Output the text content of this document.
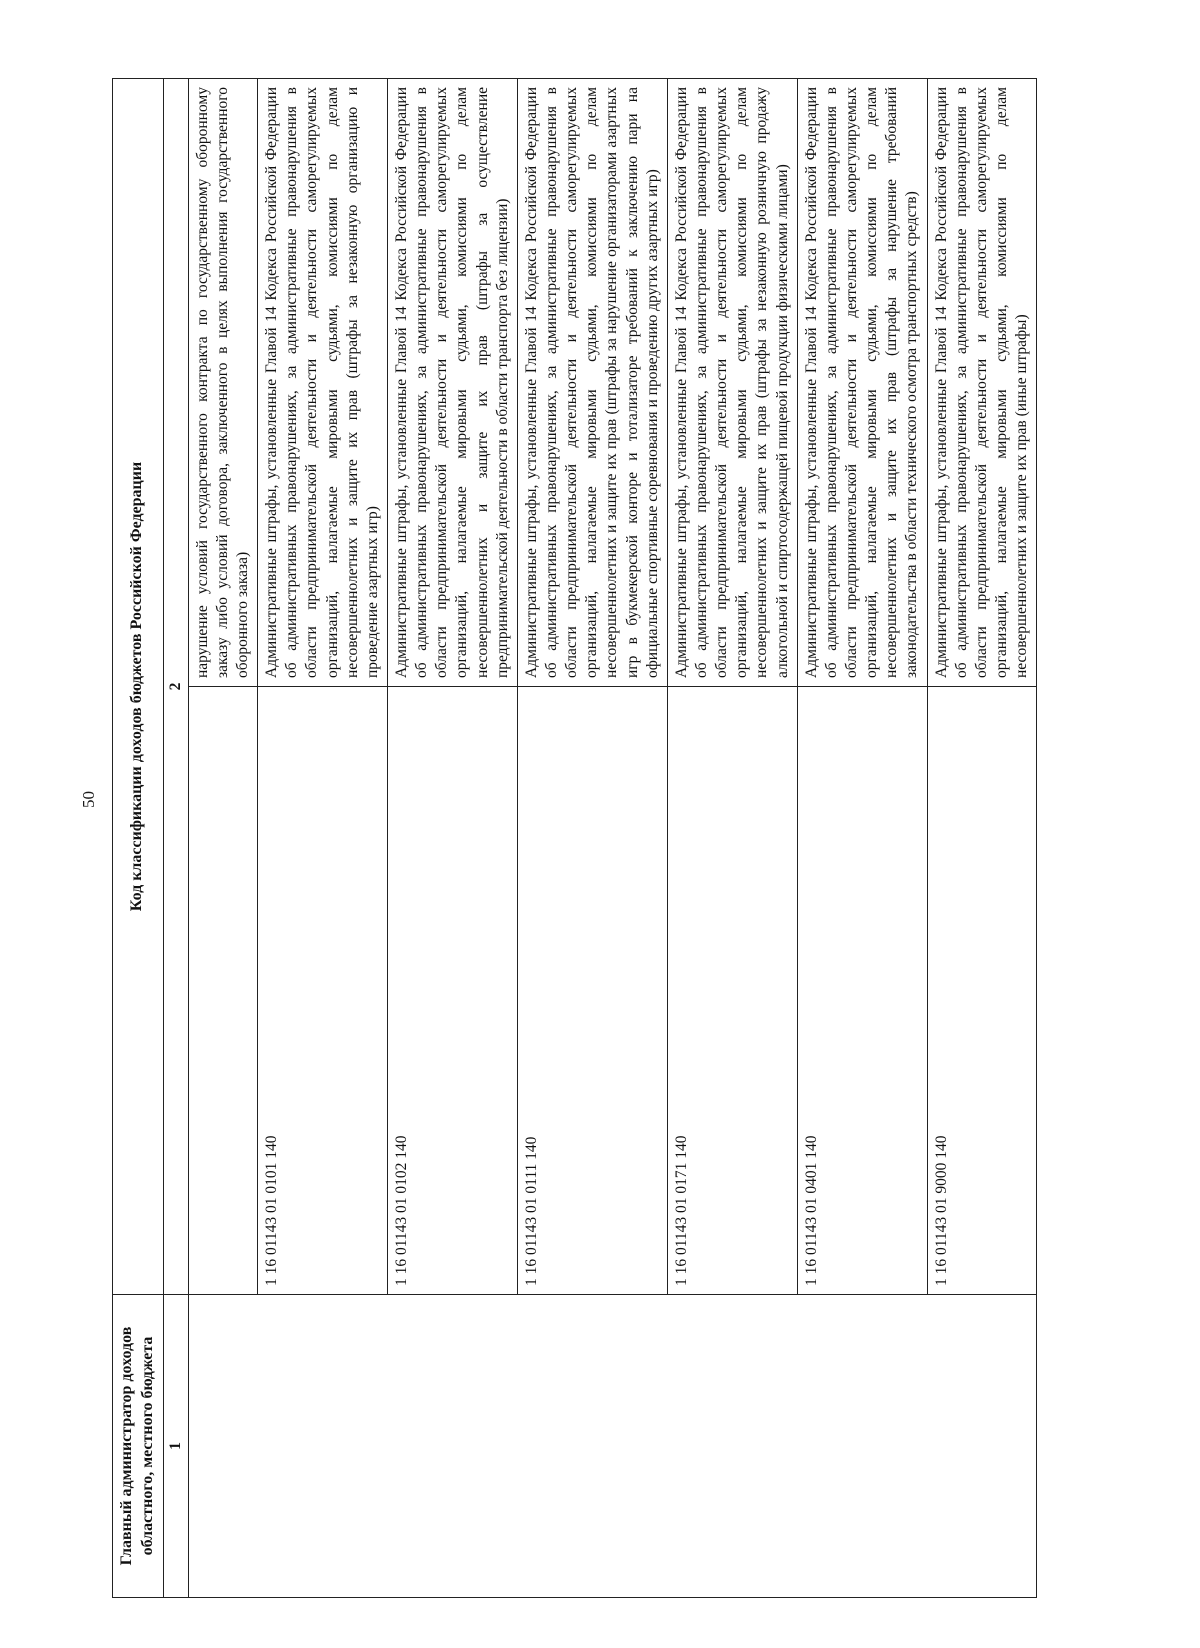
50
Главный администратор доходов областного, местного бюджета	Код классификации доходов бюджетов Российской Федерации	
1	2	
		нарушение условий государственного контракта по государственному оборонному заказу либо условий договора, заключенного в целях выполнения государственного оборонного заказа)
	1 16 01143 01 0101 140	Административные штрафы, установленные Главой 14 Кодекса Российской Федерации об административных правонарушениях, за административные правонарушения в области предпринимательской деятельности и деятельности саморегулируемых организаций, налагаемые мировыми судьями, комиссиями по делам несовершеннолетних и защите их прав (штрафы за незаконную организацию и проведение азартных игр)
	1 16 01143 01 0102 140	Административные штрафы, установленные Главой 14 Кодекса Российской Федерации об административных правонарушениях, за административные правонарушения в области предпринимательской деятельности и деятельности саморегулируемых организаций, налагаемые мировыми судьями, комиссиями по делам несовершеннолетних и защите их прав (штрафы за осуществление предпринимательской деятельности в области транспорта без лицензии)
	1 16 01143 01 0111 140	Административные штрафы, установленные Главой 14 Кодекса Российской Федерации об административных правонарушениях, за административные правонарушения в области предпринимательской деятельности и деятельности саморегулируемых организаций, налагаемые мировыми судьями, комиссиями по делам несовершеннолетних и защите их прав (штрафы за нарушение организаторами азартных игр в букмекерской конторе и тотализаторе требований к заключению пари на официальные спортивные соревнования и проведению других азартных игр)
	1 16 01143 01 0171 140	Административные штрафы, установленные Главой 14 Кодекса Российской Федерации об административных правонарушениях, за административные правонарушения в области предпринимательской деятельности и деятельности саморегулируемых организаций, налагаемые мировыми судьями, комиссиями по делам несовершеннолетних и защите их прав (штрафы за незаконную розничную продажу алкогольной и спиртосодержащей пищевой продукции физическими лицами)
	1 16 01143 01 0401 140	Административные штрафы, установленные Главой 14 Кодекса Российской Федерации об административных правонарушениях, за административные правонарушения в области предпринимательской деятельности и деятельности саморегулируемых организаций, налагаемые мировыми судьями, комиссиями по делам несовершеннолетних и защите их прав (штрафы за нарушение требований законодательства в области технического осмотра транспортных средств)
	1 16 01143 01 9000 140	Административные штрафы, установленные Главой 14 Кодекса Российской Федерации об административных правонарушениях, за административные правонарушения в области предпринимательской деятельности и деятельности саморегулируемых организаций, налагаемые мировыми судьями, комиссиями по делам несовершеннолетних и защите их прав (иные штрафы)
